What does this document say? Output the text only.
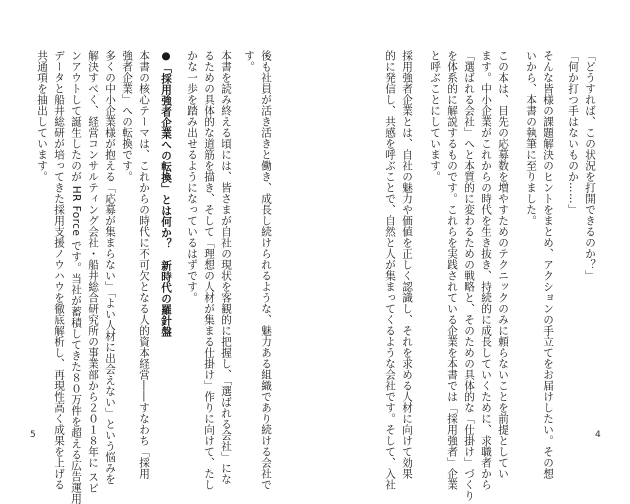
「どうすれば、この状況を打開できるのか？」
「何か打つ手はないものか……」
そんな皆様の課題解決のヒントをまとめ、アクションの手立てをお届けしたい。その想
いから、本書の執筆に至りました。
この本は、目先の応募数を増やすためのテクニックのみに頼らないことを前提としてい
ます。中小企業がこれからの時代を生き抜き、持続的に成長していくために、求職者から
「選ばれる会社」へと本質的に変わるための戦略と、そのための具体的な「仕掛け」づくり
を体系的に解説するものです。これらを実践されている企業を本書では「採用強者」企業
と呼ぶことにしています。
採用強者企業とは、自社の魅力や価値を正しく認識し、それを求める人材に向けて効果
的に発信し、共感を呼ぶことで、自然と人が集まってくるような会社です。そして、入社	4
後も社員が活き活きと働き、成長し続けられるような、魅力ある組織であり続ける会社で
す。
本書を読み終える頃には、皆さまが自社の現状を客観的に把握し、「選ばれる会社」にな
るための具体的な道筋を描き、そして「理想の人材が集まる仕掛け」作りに向けて、たし
かな一歩を踏み出せるようになっているはずです。
●「採用強者企業への転換」とは何か？　新時代の羅針盤
本書の核心テーマは、これからの時代に不可欠となる人的資本経営――すなわち「採用
強者企業」への転換です。
多くの中小企業様が抱える「応募が集まらない」「よい人材に出会えない」という悩みを
解決すべく、経営コンサルティング会社・船井総合研究所の事業部から２０１８年に スピ
ンアウトして誕生したのが HR Force です。当社が蓄積してきた８０万件を超える広告運用
データと船井総研が培ってきた採用支援ノウハウを徹底解析し、再現性高く成果を上げる
共通項を抽出しています。
5
